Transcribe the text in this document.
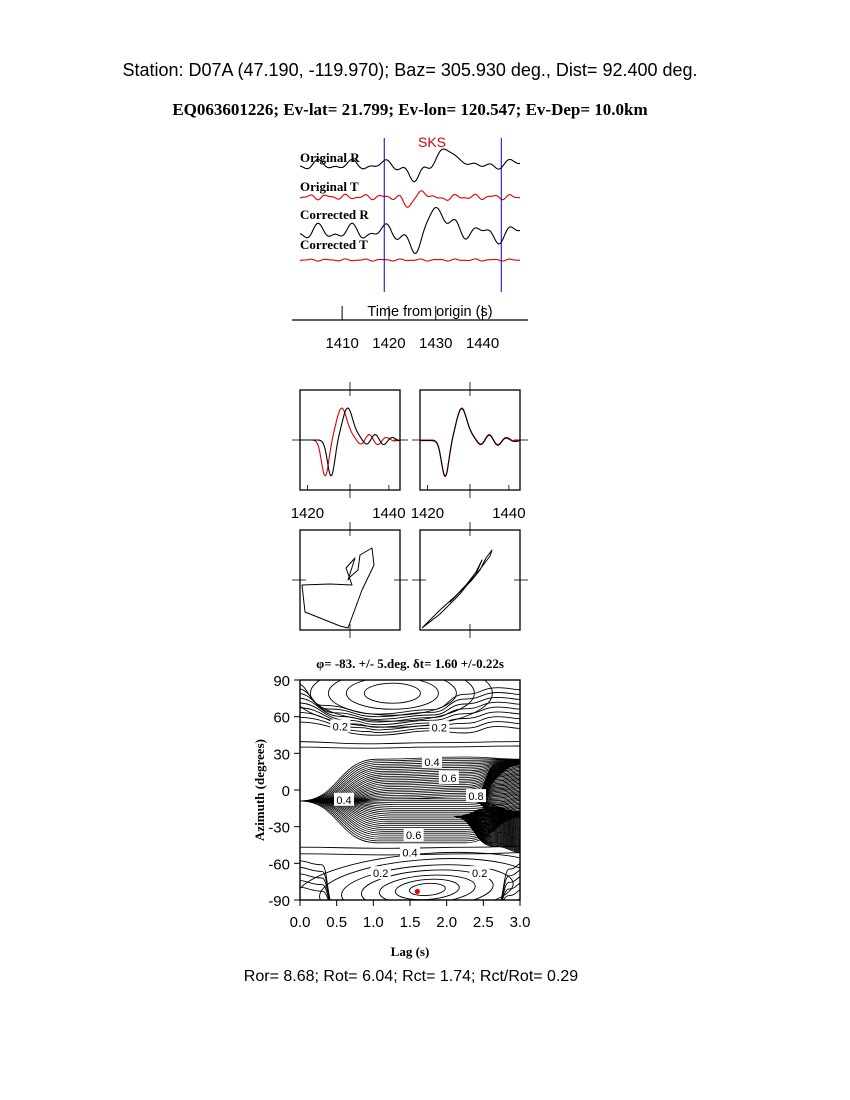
Station: D07A (47.190, -119.970); Baz= 305.930 deg., Dist= 92.400 deg.
EQ063601226; Ev-lat= 21.799; Ev-lon= 120.547; Ev-Dep= 10.0km
SKS
Original R
Original T
Corrected R
Corrected T
Time from origin (s)
1410 1420 1430 1440
1420	1440 1420	1440
φ= -83. +/- 5.deg. δt= 1.60 +/-0.22s
Lag (s)
Azimuth (degrees)
0.2	0.2
0.4
0.6
0.8
0.4
0.6
0.4
0.2	0.2
0.0 0.5 1.0 1.5 2.0 2.5 3.0
90
60
30
0
-30
-60
-90
Ror= 8.68; Rot= 6.04; Rct= 1.74; Rct/Rot= 0.29
